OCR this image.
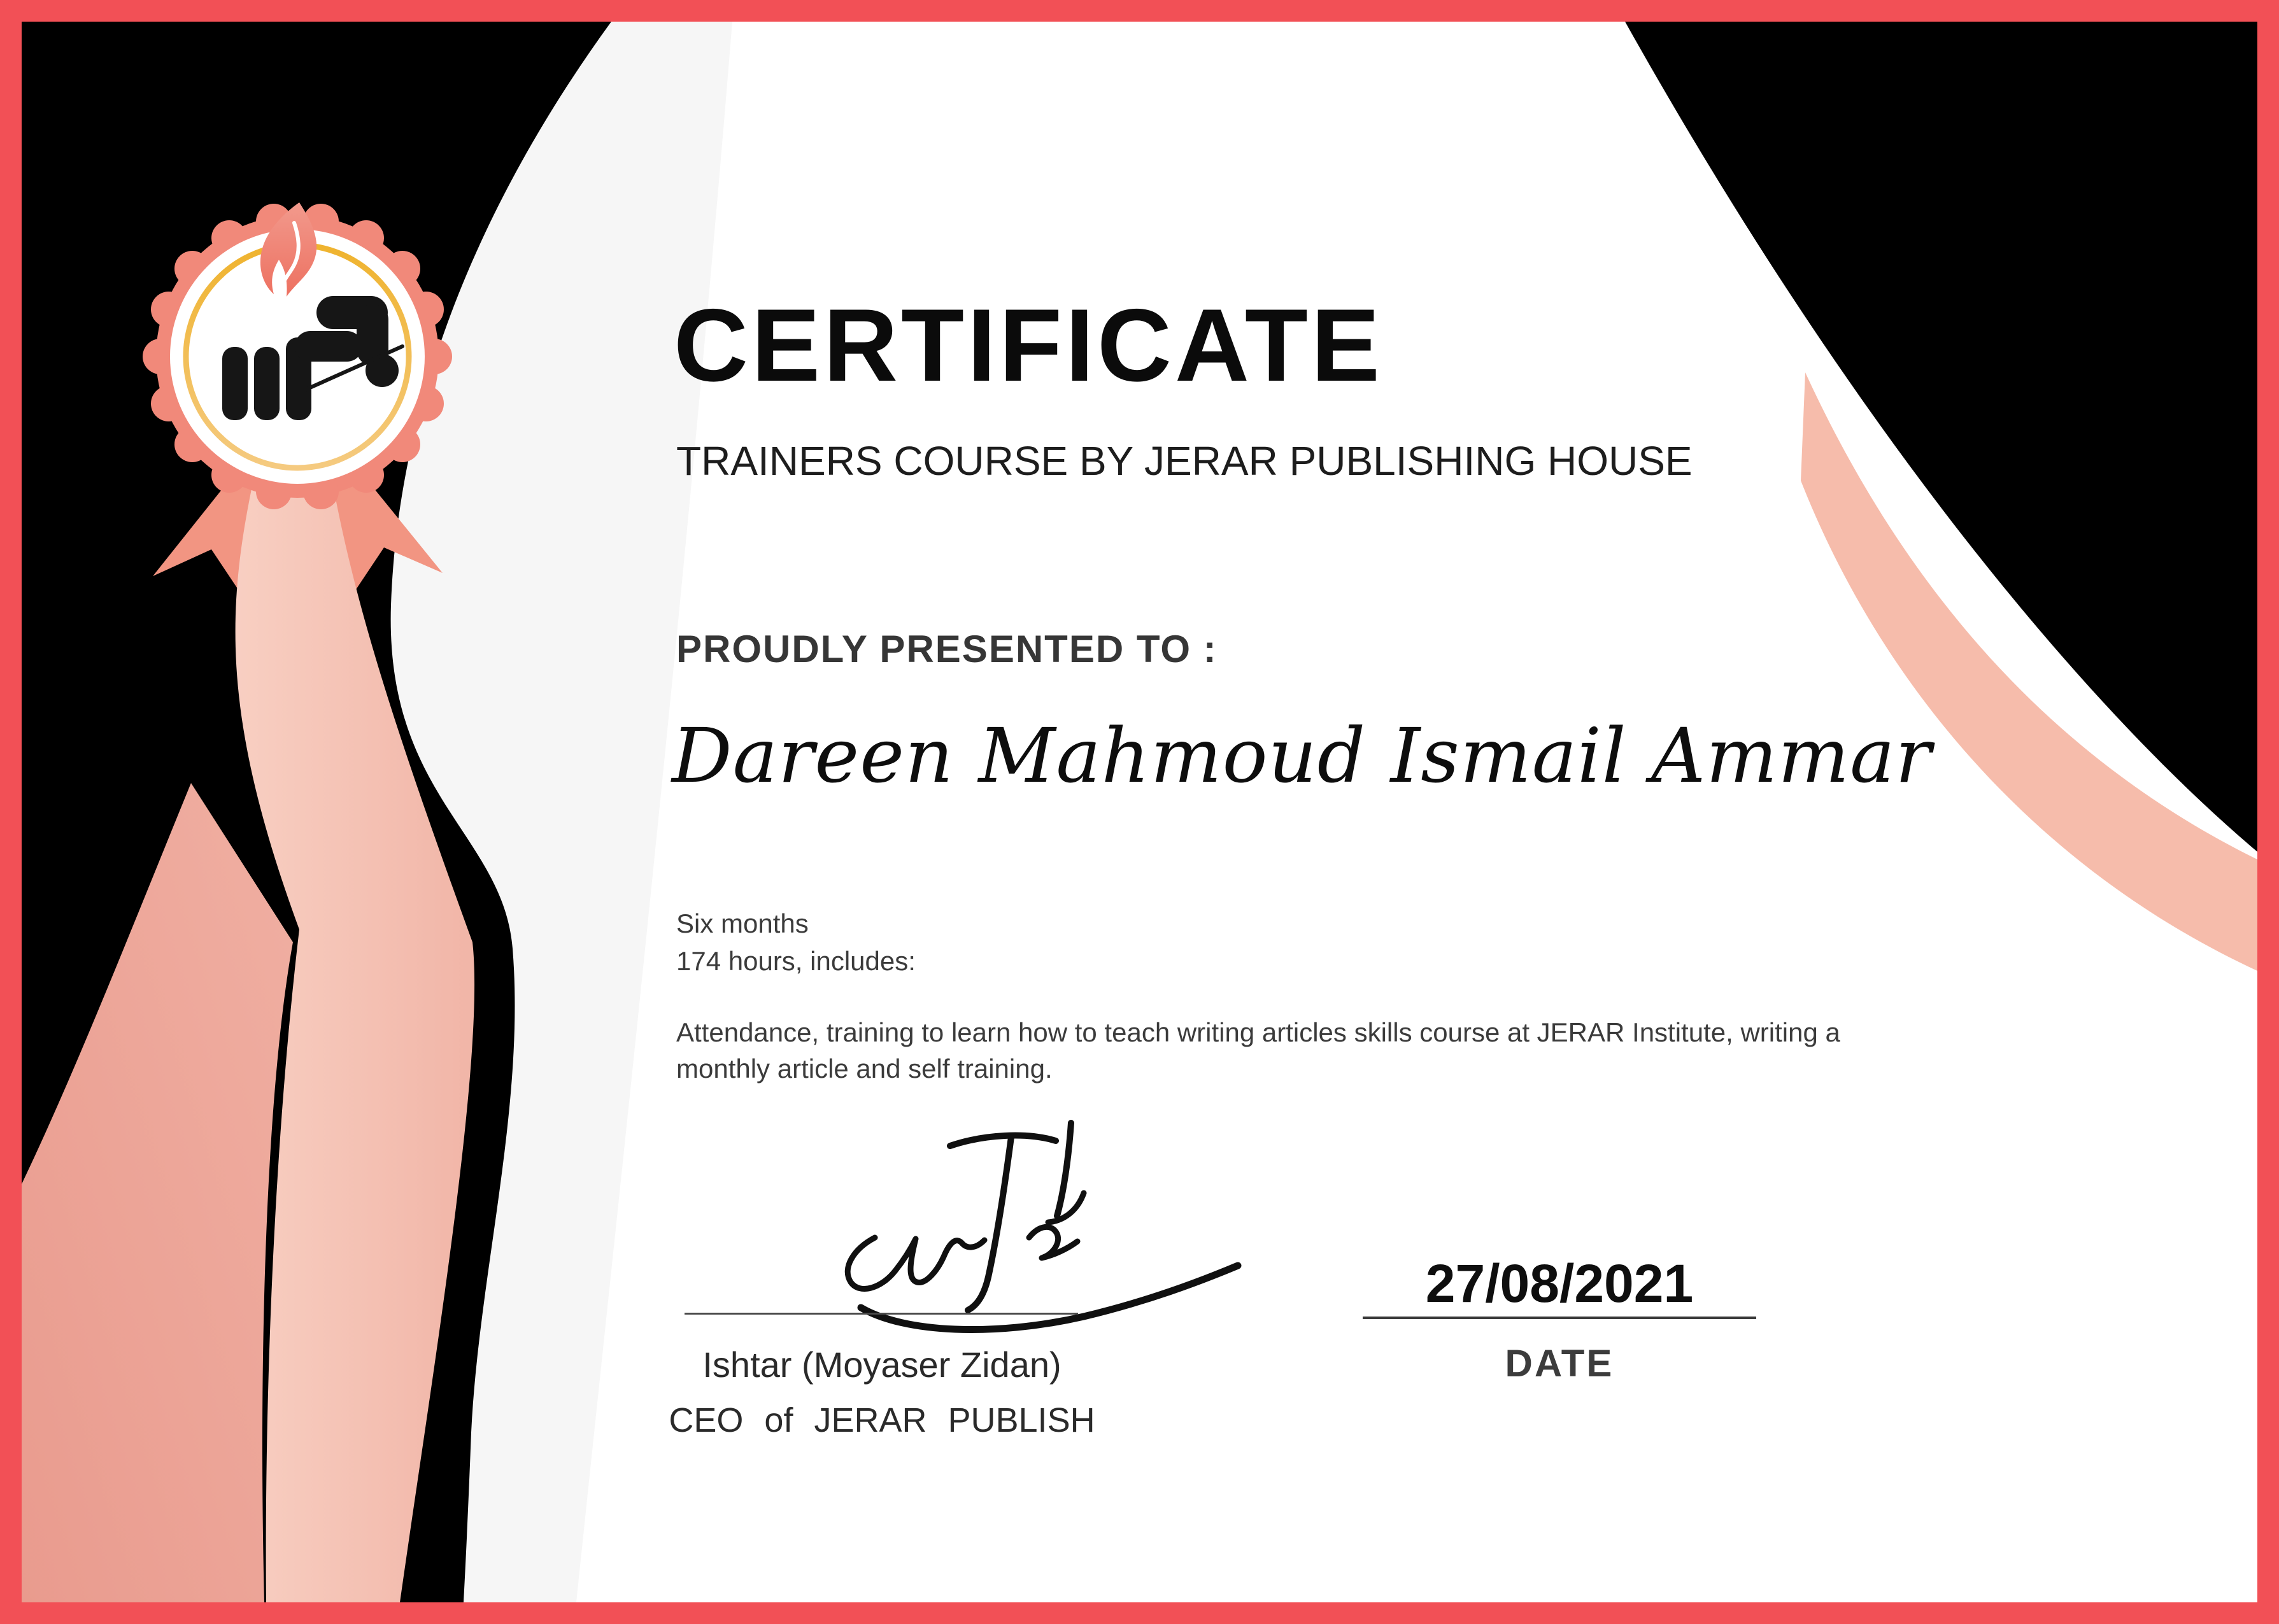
CERTIFICATE
TRAINERS COURSE BY JERAR PUBLISHING HOUSE
PROUDLY PRESENTED TO :
Dareen Mahmoud Ismail Ammar
Six months
174 hours, includes:
Attendance, training to learn how to teach writing articles skills course at JERAR Institute, writing a
monthly article and self training.
Ishtar (Moyaser Zidan)
CEO of JERAR PUBLISH
27/08/2021
DATE
